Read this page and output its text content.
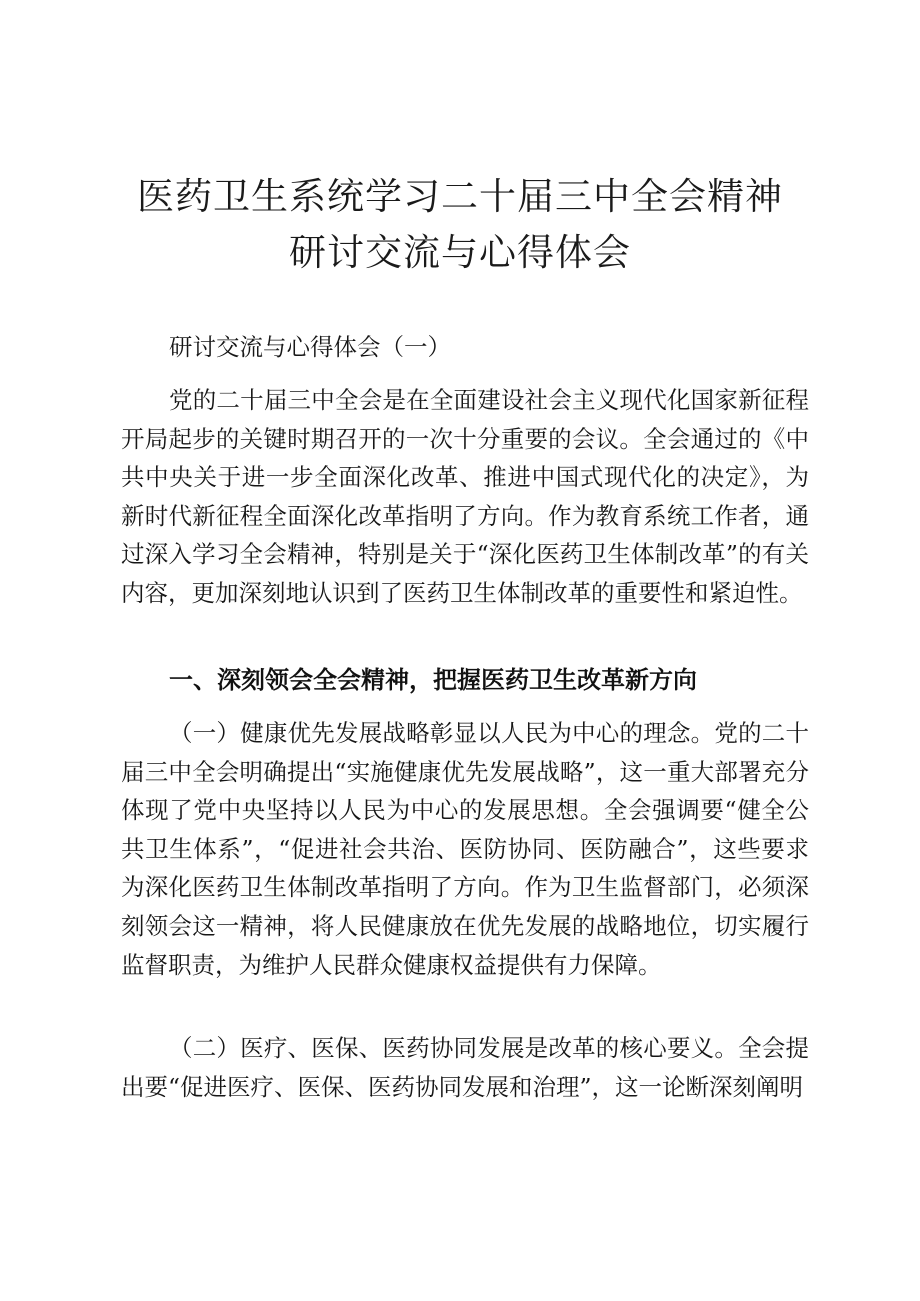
医药卫生系统学习二十届三中全会精神
研讨交流与心得体会

研讨交流与心得体会（一）

党的二十届三中全会是在全面建设社会主义现代化国家新征程开局起步的关键时期召开的一次十分重要的会议。全会通过的《中共中央关于进一步全面深化改革、推进中国式现代化的决定》，为新时代新征程全面深化改革指明了方向。作为教育系统工作者，通过深入学习全会精神，特别是关于“深化医药卫生体制改革”的有关内容，更加深刻地认识到了医药卫生体制改革的重要性和紧迫性。

一、深刻领会全会精神，把握医药卫生改革新方向

（一）健康优先发展战略彰显以人民为中心的理念。党的二十届三中全会明确提出“实施健康优先发展战略”，这一重大部署充分体现了党中央坚持以人民为中心的发展思想。全会强调要“健全公共卫生体系”，“促进社会共治、医防协同、医防融合”，这些要求为深化医药卫生体制改革指明了方向。作为卫生监督部门，必须深刻领会这一精神，将人民健康放在优先发展的战略地位，切实履行监督职责，为维护人民群众健康权益提供有力保障。

（二）医疗、医保、医药协同发展是改革的核心要义。全会提出要“促进医疗、医保、医药协同发展和治理”，这一论断深刻阐明
